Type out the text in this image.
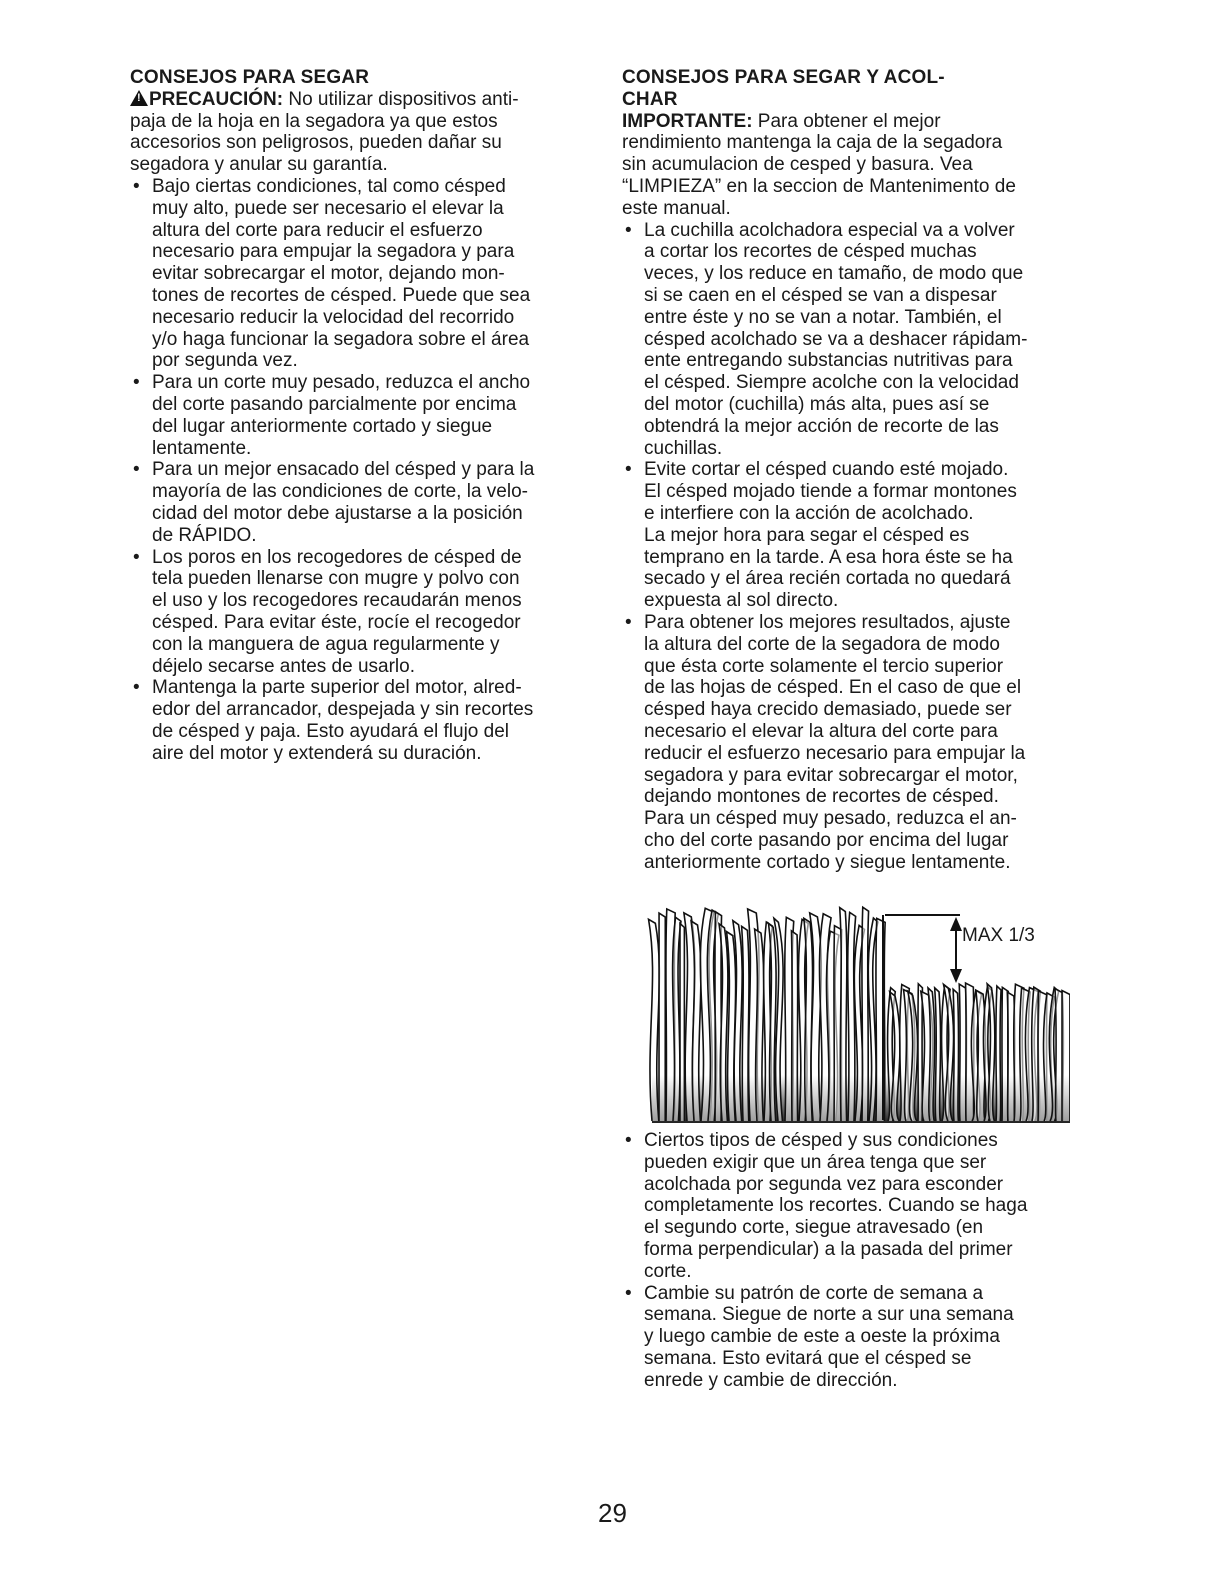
CONSEJOS PARA SEGAR
!PRECAUCIÓN: No utilizar dispositivos anti-
paja de la hoja en la segadora ya que estos
accesorios son peligrosos, pueden dañar su
segadora y anular su garantía.
• Bajo ciertas condiciones, tal como césped
muy alto, puede ser necesario el elevar la
altura del corte para reducir el esfuerzo
necesario para empujar la segadora y para
evitar sobrecargar el motor, dejando mon-
tones de recortes de césped. Puede que sea
necesario reducir la velocidad del recorrido
y/o haga funcionar la segadora sobre el área
por segunda vez.
• Para un corte muy pesado, reduzca el ancho
del corte pasando parcialmente por encima
del lugar anteriormente cortado y siegue
lentamente.
• Para un mejor ensacado del césped y para la
mayoría de las condiciones de corte, la velo-
cidad del motor debe ajustarse a la posición
de RÁPIDO.
• Los poros en los recogedores de césped de
tela pueden llenarse con mugre y polvo con
el uso y los recogedores recaudarán menos
césped. Para evitar éste, rocíe el recogedor
con la manguera de agua regularmente y
déjelo secarse antes de usarlo.
• Mantenga la parte superior del motor, alred-
edor del arrancador, despejada y sin recortes
de césped y paja. Esto ayudará el flujo del
aire del motor y extenderá su duración.
CONSEJOS PARA SEGAR Y ACOL-
CHAR
IMPORTANTE: Para obtener el mejor
rendimiento mantenga la caja de la segadora
sin acumulacion de cesped y basura. Vea
“LIMPIEZA” en la seccion de Mantenimento de
este manual.
• La cuchilla acolchadora especial va a volver
a cortar los recortes de césped muchas
veces, y los reduce en tamaño, de modo que
si se caen en el césped se van a dispesar
entre éste y no se van a notar. También, el
césped acolchado se va a deshacer rápidam-
ente entregando substancias nutritivas para
el césped. Siempre acolche con la velocidad
del motor (cuchilla) más alta, pues así se
obtendrá la mejor acción de recorte de las
cuchillas.
• Evite cortar el césped cuando esté mojado.
El césped mojado tiende a formar montones
e interfiere con la acción de acolchado.
La mejor hora para segar el césped es
temprano en la tarde. A esa hora éste se ha
secado y el área recién cortada no quedará
expuesta al sol directo.
• Para obtener los mejores resultados, ajuste
la altura del corte de la segadora de modo
que ésta corte solamente el tercio superior
de las hojas de césped. En el caso de que el
césped haya crecido demasiado, puede ser
necesario el elevar la altura del corte para
reducir el esfuerzo necesario para empujar la
segadora y para evitar sobrecargar el motor,
dejando montones de recortes de césped.
Para un césped muy pesado, reduzca el an-
cho del corte pasando por encima del lugar
anteriormente cortado y siegue lentamente.
MAX 1/3
• Ciertos tipos de césped y sus condiciones
pueden exigir que un área tenga que ser
acolchada por segunda vez para esconder
completamente los recortes. Cuando se haga
el segundo corte, siegue atravesado (en
forma perpendicular) a la pasada del primer
corte.
• Cambie su patrón de corte de semana a
semana. Siegue de norte a sur una semana
y luego cambie de este a oeste la próxima
semana. Esto evitará que el césped se
enrede y cambie de dirección.
29
